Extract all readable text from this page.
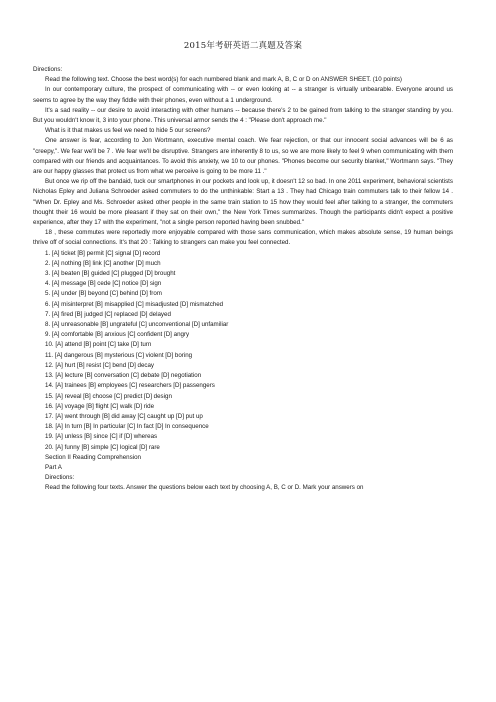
2015年考研英语二真题及答案

Directions:

Read the following text. Choose the best word(s) for each numbered blank and mark A, B, C or D on ANSWER SHEET. (10 points)

In our contemporary culture, the prospect of communicating with -- or even looking at -- a stranger is virtually unbearable. Everyone around us seems to agree by the way they fiddle with their phones, even without a 1 underground.

It's a sad reality -- our desire to avoid interacting with other humans -- because there's 2 to be gained from talking to the stranger standing by you. But you wouldn't know it, 3 into your phone. This universal armor sends the 4 : "Please don't approach me."

What is it that makes us feel we need to hide 5 our screens?

One answer is fear, according to Jon Wortmann, executive mental coach. We fear rejection, or that our innocent social advances will be 6 as "creepy,". We fear we'll be 7 . We fear we'll be disruptive. Strangers are inherently 8 to us, so we are more likely to feel 9 when communicating with them compared with our friends and acquaintances. To avoid this anxiety, we 10 to our phones. "Phones become our security blanket," Wortmann says. "They are our happy glasses that protect us from what we perceive is going to be more 11 ."

But once we rip off the bandaid, tuck our smartphones in our pockets and look up, it doesn't 12 so bad. In one 2011 experiment, behavioral scientists Nicholas Epley and Juliana Schroeder asked commuters to do the unthinkable: Start a 13 . They had Chicago train commuters talk to their fellow 14 . "When Dr. Epley and Ms. Schroeder asked other people in the same train station to 15 how they would feel after talking to a stranger, the commuters thought their 16 would be more pleasant if they sat on their own," the New York Times summarizes. Though the participants didn't expect a positive experience, after they 17 with the experiment, "not a single person reported having been snubbed."

18 , these commutes were reportedly more enjoyable compared with those sans communication, which makes absolute sense, 19 human beings thrive off of social connections. It's that 20 : Talking to strangers can make you feel connected.

1. [A] ticket [B] permit [C] signal [D] record

2. [A] nothing [B] link [C] another [D] much

3. [A] beaten [B] guided [C] plugged [D] brought

4. [A] message [B] cede [C] notice [D] sign

5. [A] under [B] beyond [C] behind [D] from

6. [A] misinterpret [B] misapplied [C] misadjusted [D] mismatched

7. [A] fired [B] judged [C] replaced [D] delayed

8. [A] unreasonable [B] ungrateful [C] unconventional [D] unfamiliar

9. [A] comfortable [B] anxious [C] confident [D] angry

10. [A] attend [B] point [C] take [D] turn

11. [A] dangerous [B] mysterious [C] violent [D] boring

12. [A] hurt [B] resist [C] bend [D] decay

13. [A] lecture [B] conversation [C] debate [D] negotiation

14. [A] trainees [B] employees [C] researchers [D] passengers

15. [A] reveal [B] choose [C] predict [D] design

16. [A] voyage [B] flight [C] walk [D] ride

17. [A] went through [B] did away [C] caught up [D] put up

18. [A] In turn [B] In particular [C] In fact [D] In consequence

19. [A] unless [B] since [C] if [D] whereas

20. [A] funny [B] simple [C] logical [D] rare

Section II Reading Comprehension

Part A

Directions:

Read the following four texts. Answer the questions below each text by choosing A, B, C or D. Mark your answers on
